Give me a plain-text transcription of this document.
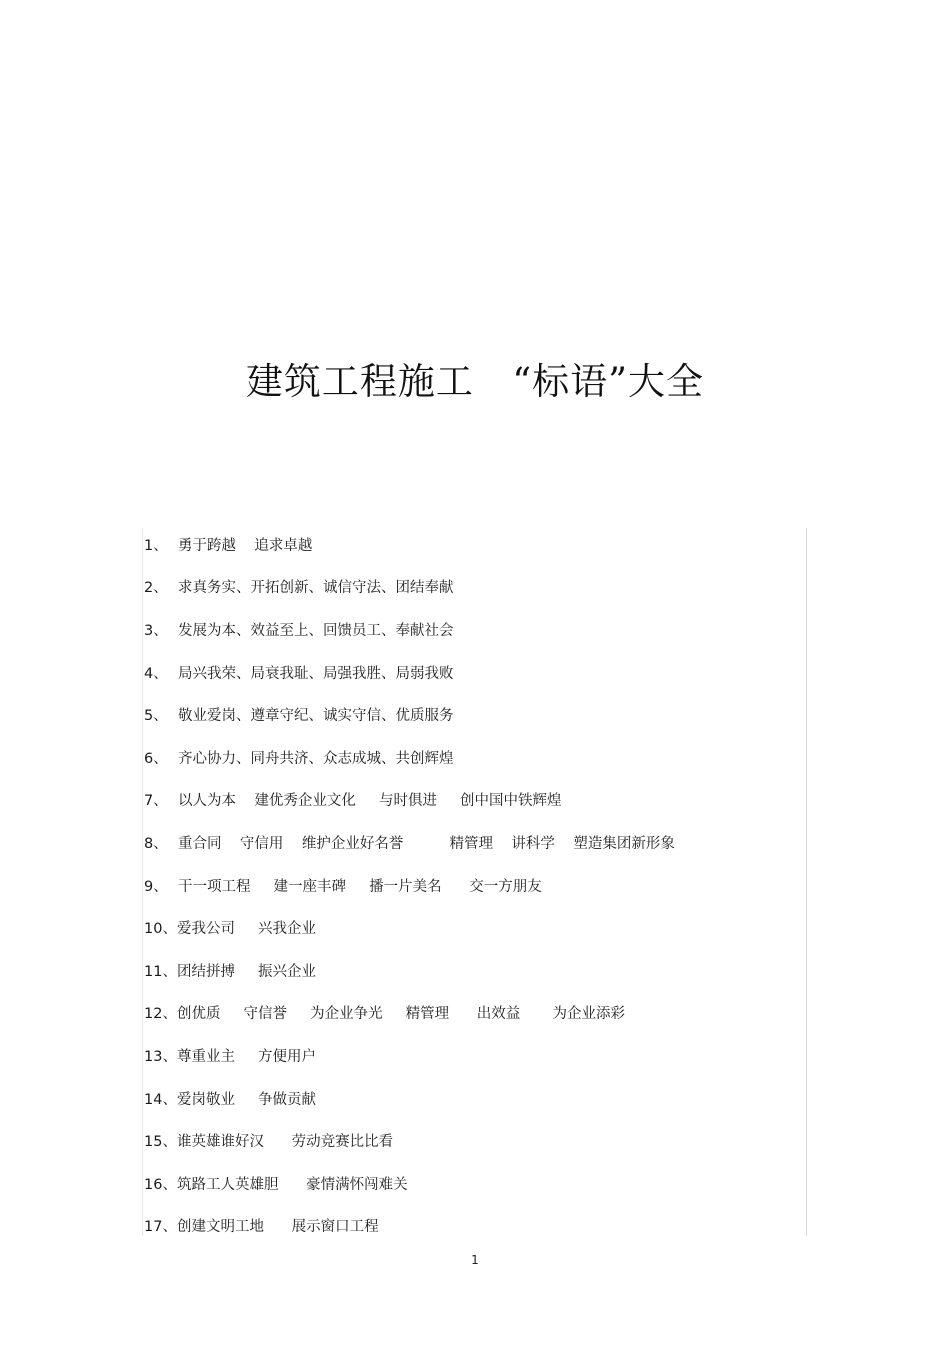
建筑工程施工   “标语”大全
1、 勇于跨越    追求卓越
2、 求真务实、开拓创新、诚信守法、团结奉献
3、 发展为本、效益至上、回馈员工、奉献社会
4、 局兴我荣、局衰我耻、局强我胜、局弱我败
5、 敬业爱岗、遵章守纪、诚实守信、优质服务
6、 齐心协力、同舟共济、众志成城、共创辉煌
7、 以人为本    建优秀企业文化     与时俱进     创中国中铁辉煌
8、 重合同    守信用    维护企业好名誉          精管理    讲科学    塑造集团新形象
9、 干一项工程     建一座丰碑     播一片美名      交一方朋友
10、 爱我公司     兴我企业
11、 团结拼搏     振兴企业
12、 创优质     守信誉     为企业争光     精管理      出效益       为企业添彩
13、 尊重业主     方便用户
14、 爱岗敬业     争做贡献
15、 谁英雄谁好汉      劳动竞赛比比看
16、 筑路工人英雄胆      豪情满怀闯难关
17、 创建文明工地      展示窗口工程
1
